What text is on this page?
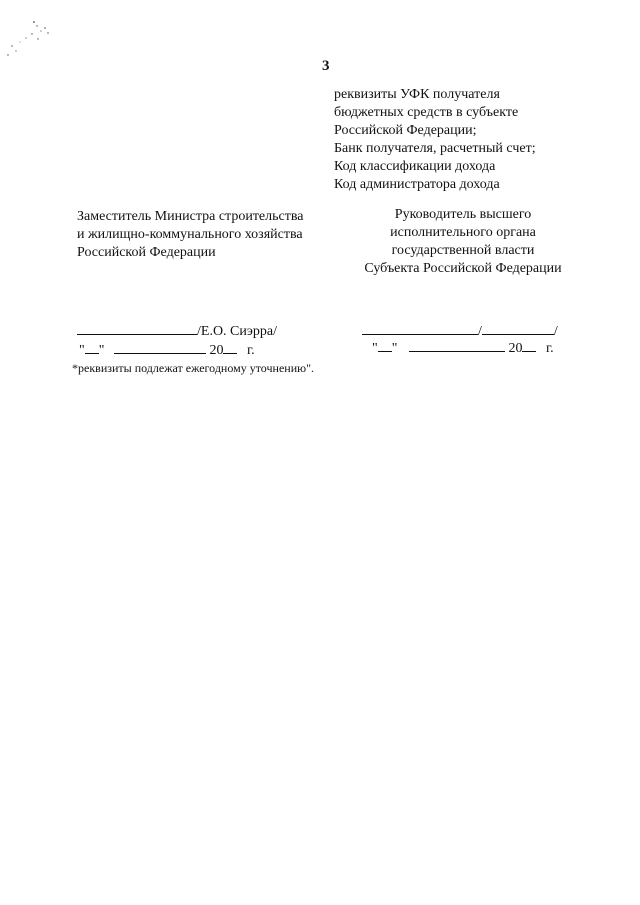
3
реквизиты УФК получателя
бюджетных средств в субъекте
Российской Федерации;
Банк получателя, расчетный счет;
Код классификации дохода
Код администратора дохода
Заместитель Министра строительства
и жилищно-коммунального хозяйства
Российской Федерации
Руководитель высшего
исполнительного органа
государственной власти
Субъекта Российской Федерации
/Е.О. Сиэррa/
" "	20 г.
/	/
" "	20 г.
*реквизиты подлежат ежегодному уточнению".
